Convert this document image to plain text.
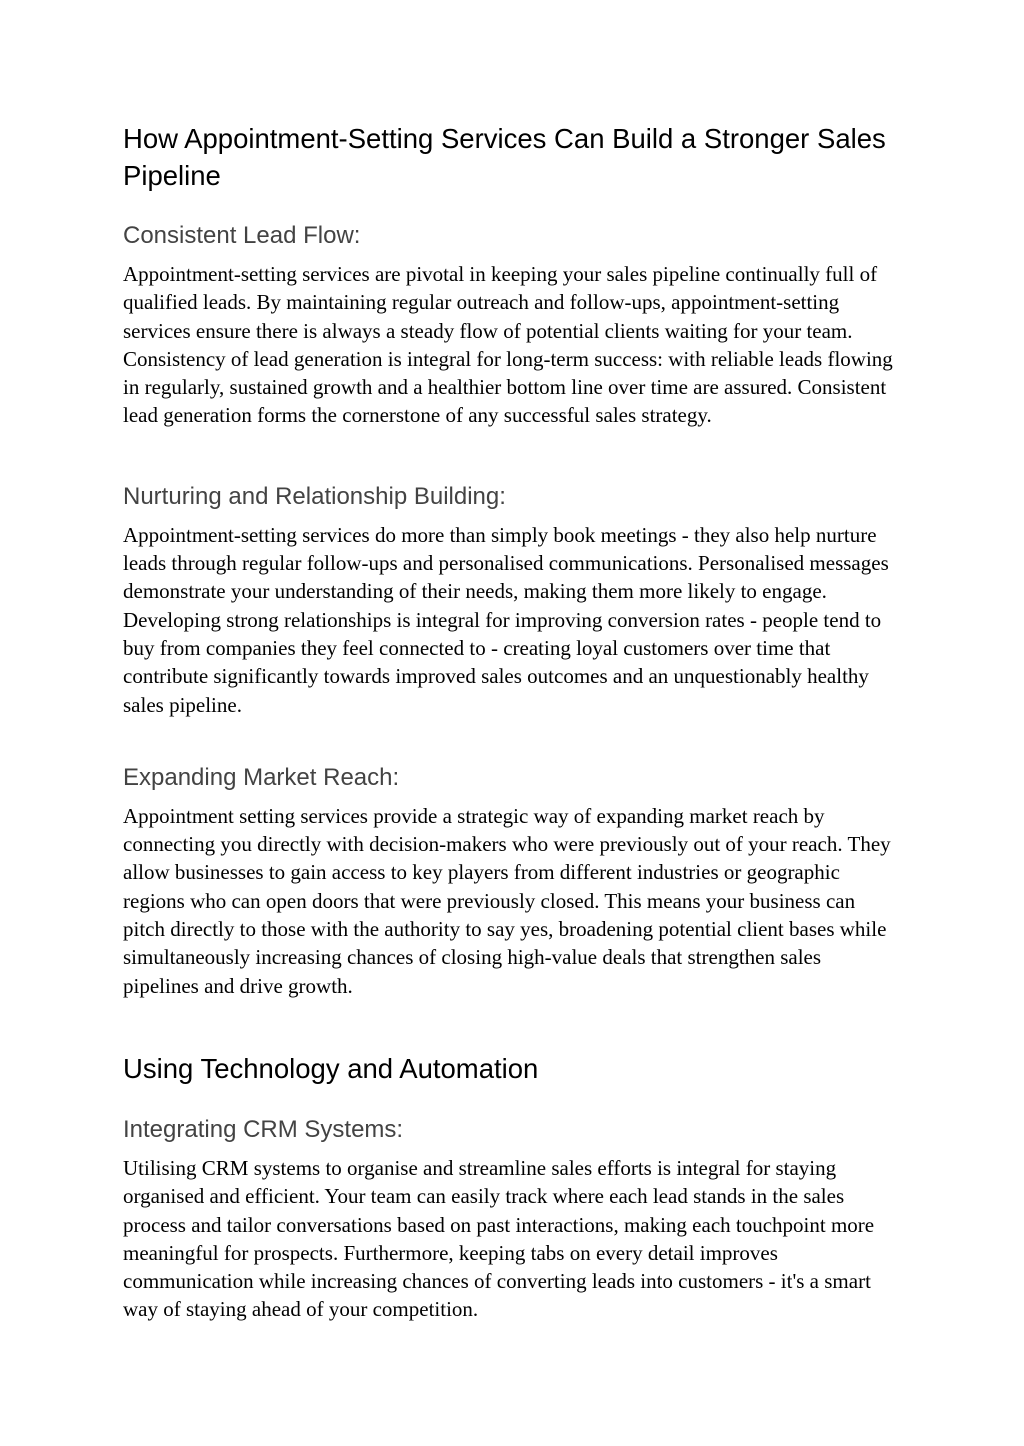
How Appointment-Setting Services Can Build a Stronger Sales Pipeline
Consistent Lead Flow:

Appointment-setting services are pivotal in keeping your sales pipeline continually full of qualified leads. By maintaining regular outreach and follow-ups, appointment-setting services ensure there is always a steady flow of potential clients waiting for your team. Consistency of lead generation is integral for long-term success: with reliable leads flowing in regularly, sustained growth and a healthier bottom line over time are assured. Consistent lead generation forms the cornerstone of any successful sales strategy.

Nurturing and Relationship Building:

Appointment-setting services do more than simply book meetings - they also help nurture leads through regular follow-ups and personalised communications. Personalised messages demonstrate your understanding of their needs, making them more likely to engage. Developing strong relationships is integral for improving conversion rates - people tend to buy from companies they feel connected to - creating loyal customers over time that contribute significantly towards improved sales outcomes and an unquestionably healthy sales pipeline.

Expanding Market Reach:

Appointment setting services provide a strategic way of expanding market reach by connecting you directly with decision-makers who were previously out of your reach. They allow businesses to gain access to key players from different industries or geographic regions who can open doors that were previously closed. This means your business can pitch directly to those with the authority to say yes, broadening potential client bases while simultaneously increasing chances of closing high-value deals that strengthen sales pipelines and drive growth.

Using Technology and Automation
Integrating CRM Systems:

Utilising CRM systems to organise and streamline sales efforts is integral for staying organised and efficient. Your team can easily track where each lead stands in the sales process and tailor conversations based on past interactions, making each touchpoint more meaningful for prospects. Furthermore, keeping tabs on every detail improves communication while increasing chances of converting leads into customers - it's a smart way of staying ahead of your competition.
